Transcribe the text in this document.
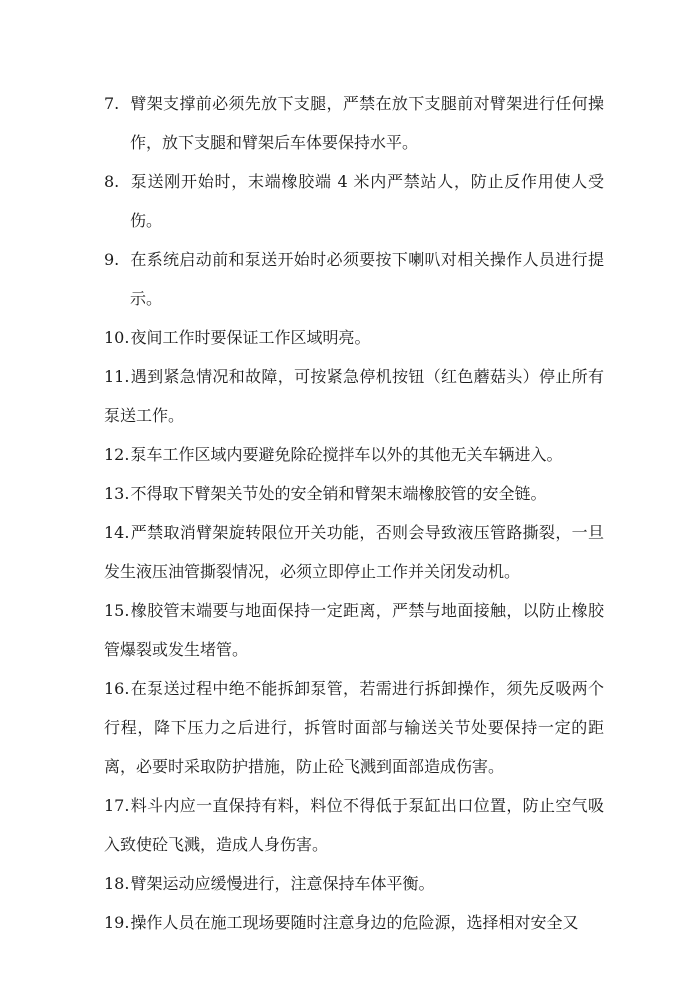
7. 臂架支撑前必须先放下支腿，严禁在放下支腿前对臂架进行任何操作，放下支腿和臂架后车体要保持水平。
8. 泵送刚开始时，末端橡胶端 4 米内严禁站人，防止反作用使人受伤。
9. 在系统启动前和泵送开始时必须要按下喇叭对相关操作人员进行提示。
10.夜间工作时要保证工作区域明亮。
11.遇到紧急情况和故障，可按紧急停机按钮（红色蘑菇头）停止所有泵送工作。
12.泵车工作区域内要避免除砼搅拌车以外的其他无关车辆进入。
13.不得取下臂架关节处的安全销和臂架末端橡胶管的安全链。
14.严禁取消臂架旋转限位开关功能，否则会导致液压管路撕裂，一旦发生液压油管撕裂情况，必须立即停止工作并关闭发动机。
15.橡胶管末端要与地面保持一定距离，严禁与地面接触，以防止橡胶管爆裂或发生堵管。
16.在泵送过程中绝不能拆卸泵管，若需进行拆卸操作，须先反吸两个行程，降下压力之后进行，拆管时面部与输送关节处要保持一定的距离，必要时采取防护措施，防止砼飞溅到面部造成伤害。
17.料斗内应一直保持有料，料位不得低于泵缸出口位置，防止空气吸入致使砼飞溅，造成人身伤害。
18.臂架运动应缓慢进行，注意保持车体平衡。
19.操作人员在施工现场要随时注意身边的危险源，选择相对安全又
